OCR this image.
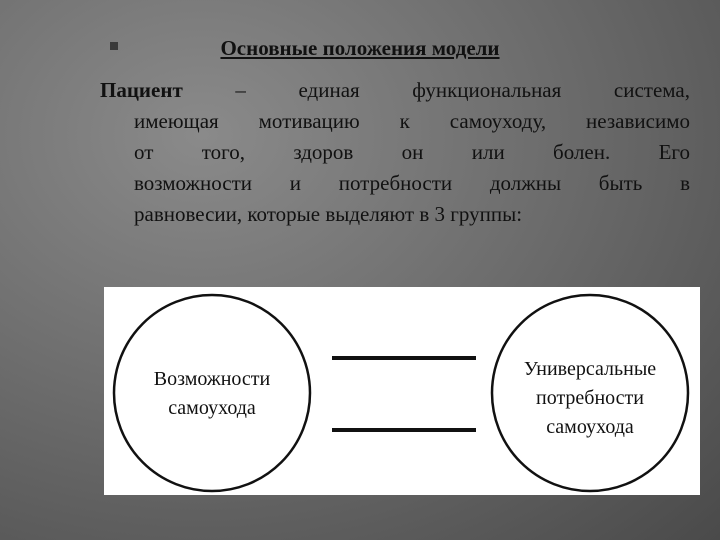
Основные положения модели
Пациент – единая функциональная система,
имеющая мотивацию к самоуходу, независимо
от того, здоров он или болен. Его
возможности и потребности должны быть в
равновесии, которые выделяют в 3 группы:
Возможности
самоухода
Универсальные
потребности
самоухода
